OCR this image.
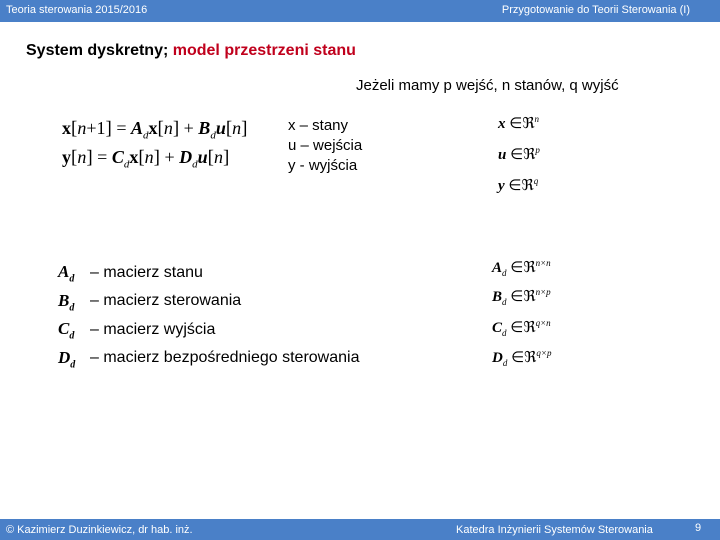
Teoria sterowania 2015/2016	Przygotowanie do Teorii Sterowania (I)
System dyskretny; model przestrzeni stanu
Jeżeli mamy p wejść, n stanów, q wyjść
$x[n+1] = A_dx[n] + B_du[n]$
$y[n] = C_dx[n] + D_du[n]$
x – stany
u – wejścia
y - wyjścia
x ∈ℜ$^n$
u ∈ℜ$^p$
y ∈ℜ$^q$
$A_d$ – macierz stanu
$B_d$ – macierz sterowania
$C_d$ – macierz wyjścia
$D_d$ – macierz bezpośredniego sterowania
$A_d$ ∈ℜ$^{n\times n}$
$B_d$ ∈ℜ$^{n\times p}$
$C_d$ ∈ℜ$^{q\times n}$
$D_d$ ∈ℜ$^{q\times p}$
© Kazimierz Duzinkiewicz, dr hab. inż.	Katedra Inżynierii Systemów Sterowania	9
